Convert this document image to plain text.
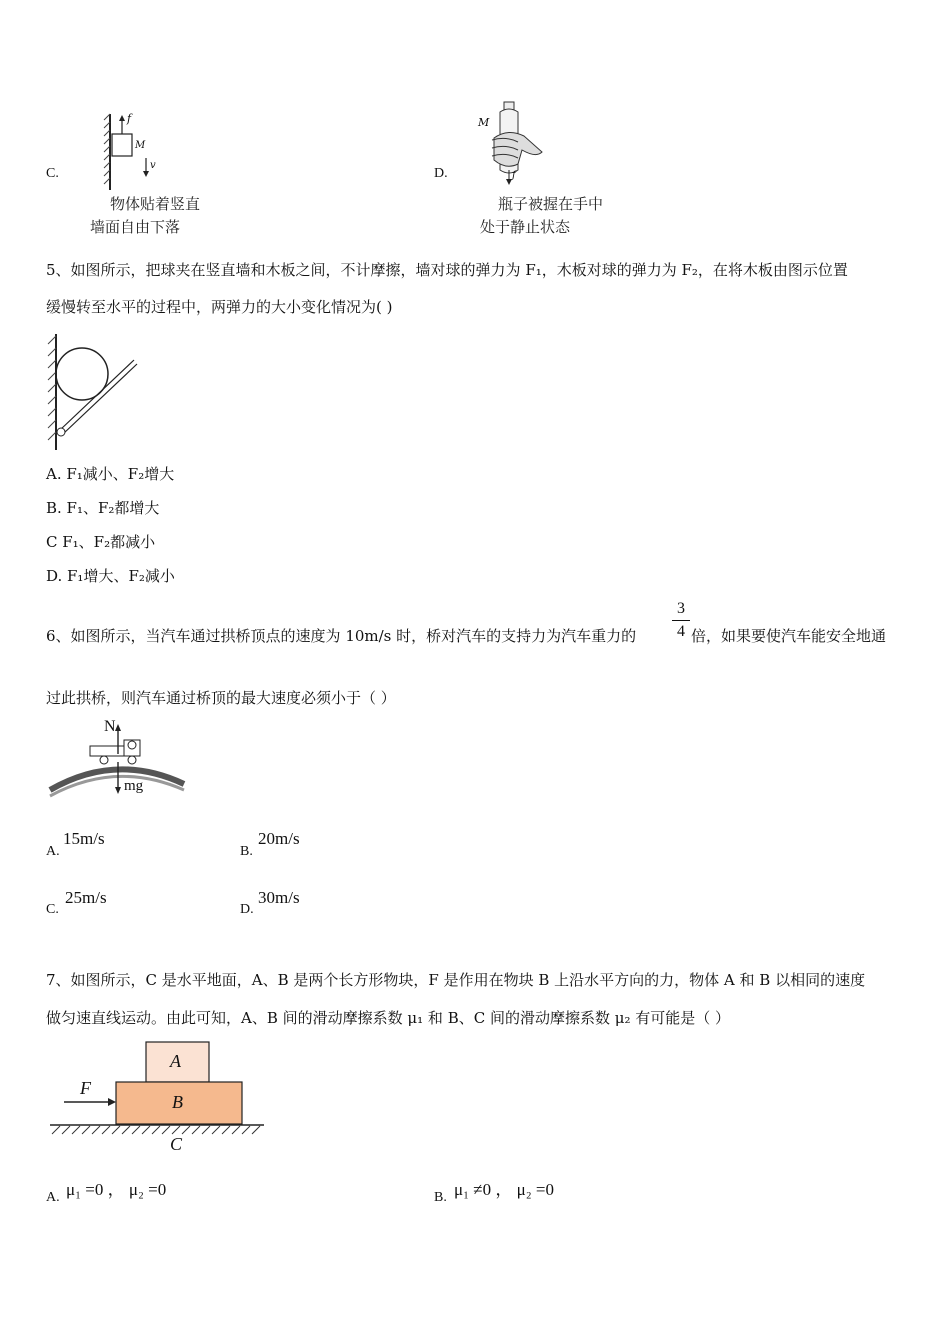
C.
f
M
v
物体贴着竖直
墙面自由下落
D.
M
f
瓶子被握在手中
处于静止状态
5、如图所示，把球夹在竖直墙和木板之间，不计摩擦，墙对球的弹力为 F₁，木板对球的弹力为 F₂，在将木板由图示位置
缓慢转至水平的过程中，两弹力的大小变化情况为( )
A. F₁减小、F₂增大
B. F₁、F₂都增大
C F₁、F₂都减小
D. F₁增大、F₂减小
6、如图所示，当汽车通过拱桥顶点的速度为 10m/s 时，桥对汽车的支持力为汽车重力的
3
4 倍，如果要使汽车能安全地通
过此拱桥，则汽车通过桥顶的最大速度必须小于（ ）
N
mg
A.
15m/s
B.
20m/s
C.
25m/s
D.
30m/s
7、如图所示，C 是水平地面，A、B 是两个长方形物块，F 是作用在物块 B 上沿水平方向的力，物体 A 和 B 以相同的速度
做匀速直线运动。由此可知，A、B 间的滑动摩擦系数 μ₁ 和 B、C 间的滑动摩擦系数 μ₂ 有可能是（ ）
A
B
C
F
A. μ₁ =0 ， μ₂ =0	B. μ₁ ≠0 ， μ₂ =0
